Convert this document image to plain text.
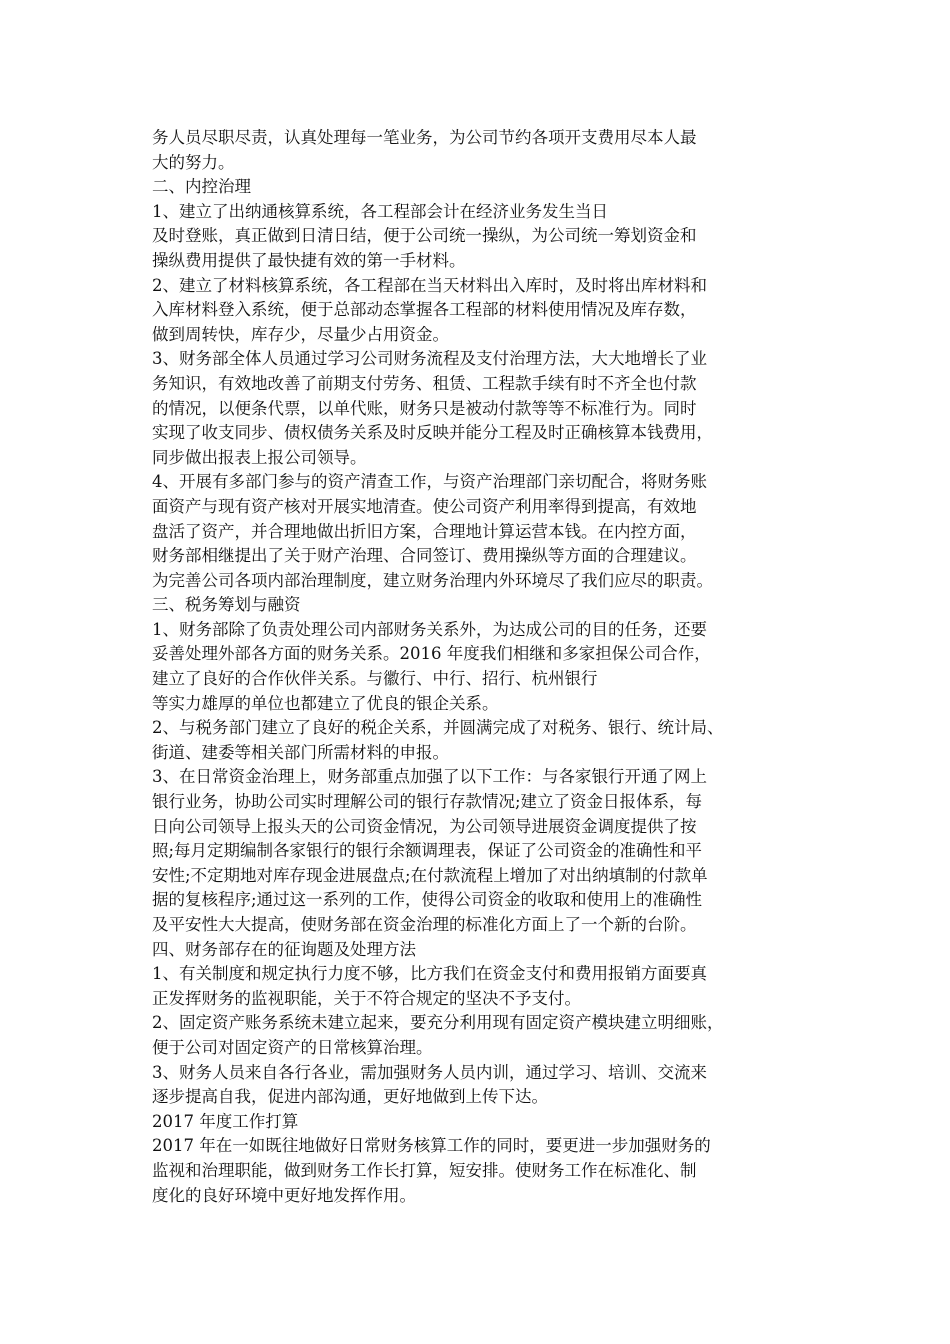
务人员尽职尽责，认真处理每一笔业务，为公司节约各项开支费用尽本人最
大的努力。
二、内控治理
1、建立了出纳通核算系统，各工程部会计在经济业务发生当日
及时登账，真正做到日清日结，便于公司统一操纵，为公司统一筹划资金和
操纵费用提供了最快捷有效的第一手材料。
2、建立了材料核算系统，各工程部在当天材料出入库时，及时将出库材料和
入库材料登入系统，便于总部动态掌握各工程部的材料使用情况及库存数，
做到周转快，库存少，尽量少占用资金。
3、财务部全体人员通过学习公司财务流程及支付治理方法，大大地增长了业
务知识，有效地改善了前期支付劳务、租赁、工程款手续有时不齐全也付款
的情况，以便条代票，以单代账，财务只是被动付款等等不标准行为。同时
实现了收支同步、债权债务关系及时反映并能分工程及时正确核算本钱费用，
同步做出报表上报公司领导。
4、开展有多部门参与的资产清查工作，与资产治理部门亲切配合，将财务账
面资产与现有资产核对开展实地清查。使公司资产利用率得到提高，有效地
盘活了资产，并合理地做出折旧方案，合理地计算运营本钱。在内控方面，
财务部相继提出了关于财产治理、合同签订、费用操纵等方面的合理建议。
为完善公司各项内部治理制度，建立财务治理内外环境尽了我们应尽的职责。
三、税务筹划与融资
1、财务部除了负责处理公司内部财务关系外，为达成公司的目的任务，还要
妥善处理外部各方面的财务关系。2016 年度我们相继和多家担保公司合作，
建立了良好的合作伙伴关系。与徽行、中行、招行、杭州银行
等实力雄厚的单位也都建立了优良的银企关系。
2、与税务部门建立了良好的税企关系，并圆满完成了对税务、银行、统计局、
街道、建委等相关部门所需材料的申报。
3、在日常资金治理上，财务部重点加强了以下工作：与各家银行开通了网上
银行业务，协助公司实时理解公司的银行存款情况;建立了资金日报体系，每
日向公司领导上报头天的公司资金情况，为公司领导进展资金调度提供了按
照;每月定期编制各家银行的银行余额调理表，保证了公司资金的准确性和平
安性;不定期地对库存现金进展盘点;在付款流程上增加了对出纳填制的付款单
据的复核程序;通过这一系列的工作，使得公司资金的收取和使用上的准确性
及平安性大大提高，使财务部在资金治理的标准化方面上了一个新的台阶。
四、财务部存在的征询题及处理方法
1、有关制度和规定执行力度不够，比方我们在资金支付和费用报销方面要真
正发挥财务的监视职能，关于不符合规定的坚决不予支付。
2、固定资产账务系统未建立起来，要充分利用现有固定资产模块建立明细账，
便于公司对固定资产的日常核算治理。
3、财务人员来自各行各业，需加强财务人员内训，通过学习、培训、交流来
逐步提高自我，促进内部沟通，更好地做到上传下达。
2017 年度工作打算
2017 年在一如既往地做好日常财务核算工作的同时，要更进一步加强财务的
监视和治理职能，做到财务工作长打算，短安排。使财务工作在标准化、制
度化的良好环境中更好地发挥作用。
